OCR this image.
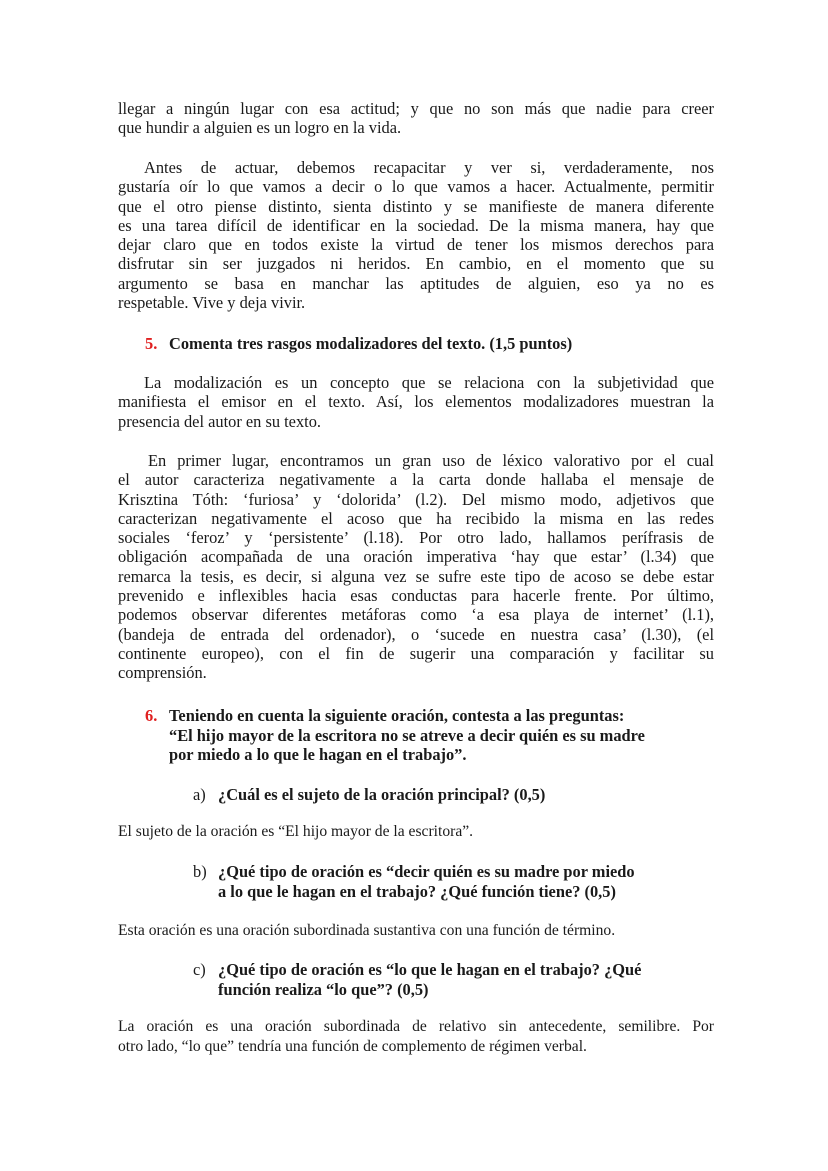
llegar a ningún lugar con esa actitud; y que no son más que nadie para creer
que hundir a alguien es un logro en la vida.
Antes de actuar, debemos recapacitar y ver si, verdaderamente, nos
gustaría oír lo que vamos a decir o lo que vamos a hacer. Actualmente, permitir
que el otro piense distinto, sienta distinto y se manifieste de manera diferente
es una tarea difícil de identificar en la sociedad. De la misma manera, hay que
dejar claro que en todos existe la virtud de tener los mismos derechos para
disfrutar sin ser juzgados ni heridos. En cambio, en el momento que su
argumento se basa en manchar las aptitudes de alguien, eso ya no es
respetable. Vive y deja vivir.
5. Comenta tres rasgos modalizadores del texto. (1,5 puntos)
La modalización es un concepto que se relaciona con la subjetividad que
manifiesta el emisor en el texto. Así, los elementos modalizadores muestran la
presencia del autor en su texto.
En primer lugar, encontramos un gran uso de léxico valorativo por el cual
el autor caracteriza negativamente a la carta donde hallaba el mensaje de
Krisztina Tóth: ‘furiosa’ y ‘dolorida’ (l.2). Del mismo modo, adjetivos que
caracterizan negativamente el acoso que ha recibido la misma en las redes
sociales ‘feroz’ y ‘persistente’ (l.18). Por otro lado, hallamos perífrasis de
obligación acompañada de una oración imperativa ‘hay que estar’ (l.34) que
remarca la tesis, es decir, si alguna vez se sufre este tipo de acoso se debe estar
prevenido e inflexibles hacia esas conductas para hacerle frente. Por último,
podemos observar diferentes metáforas como ‘a esa playa de internet’ (l.1),
(bandeja de entrada del ordenador), o ‘sucede en nuestra casa’ (l.30), (el
continente europeo), con el fin de sugerir una comparación y facilitar su
comprensión.
6. Teniendo en cuenta la siguiente oración, contesta a las preguntas:
“El hijo mayor de la escritora no se atreve a decir quién es su madre
por miedo a lo que le hagan en el trabajo”.
a) ¿Cuál es el sujeto de la oración principal? (0,5)
El sujeto de la oración es “El hijo mayor de la escritora”.
b) ¿Qué tipo de oración es “decir quién es su madre por miedo
a lo que le hagan en el trabajo? ¿Qué función tiene? (0,5)
Esta oración es una oración subordinada sustantiva con una función de término.
c) ¿Qué tipo de oración es “lo que le hagan en el trabajo? ¿Qué
función realiza “lo que”? (0,5)
La oración es una oración subordinada de relativo sin antecedente, semilibre. Por
otro lado, “lo que” tendría una función de complemento de régimen verbal.
